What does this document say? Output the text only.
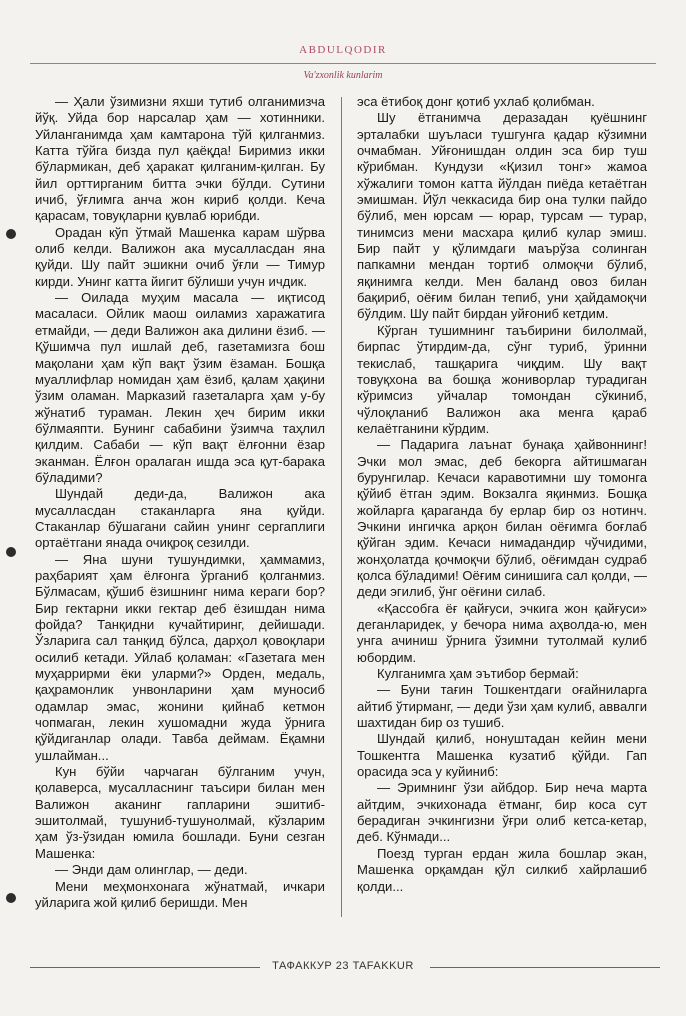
ABDULQODIR
Va'zxonlik kunlarim

— Ҳали ўзимизни яхши тутиб олганимизча йўқ. Уйда бор нарсалар ҳам — хотинники. Уйланганимда ҳам камтарона тўй қилганмиз. Катта тўйга бизда пул қаёқда! Биримиз икки бўлармикан, деб ҳаракат қилганим-қилган. Бу йил орттирганим битта эчки бўлди. Сутини ичиб, ўғлимга анча жон кириб қолди. Кеча қарасам, товуқларни қувлаб юрибди.

Орадан кўп ўтмай Машенка карам шўрва олиб келди. Валижон ака мусалласдан яна қуйди. Шу пайт эшикни очиб ўғли — Тимур кирди. Унинг катта йигит бўлиши учун ичдик.

— Оилада муҳим масала — иқтисод масаласи. Ойлик маош оиламиз харажатига етмайди, — деди Валижон ака дилини ёзиб. — Қўшимча пул ишлай деб, газетамизга бош мақолани ҳам кўп вақт ўзим ёзаман. Бошқа муаллифлар номидан ҳам ёзиб, қалам ҳақини ўзим оламан. Марказий газеталарга ҳам у-бу жўнатиб тураман. Лекин ҳеч бирим икки бўлмаяпти. Бунинг сабабини ўзимча таҳлил қилдим. Сабаби — кўп вақт ёлғонни ёзар эканман. Ёлғон оралаган ишда эса қут-барака бўладими?

Шундай деди-да, Валижон ака мусалласдан стаканларга яна қуйди. Стаканлар бўшагани сайин унинг сергаплиги ортаётгани янада очиқроқ сезилди.

— Яна шуни тушундимки, ҳаммамиз, раҳбарият ҳам ёлғонга ўрганиб қолганмиз. Бўлмасам, қўшиб ёзишнинг нима кераги бор? Бир гектарни икки гектар деб ёзишдан нима фойда? Танқидни кучайтиринг, дейишади. Ўзларига сал танқид бўлса, дарҳол қовоқлари осилиб кетади. Уйлаб қоламан: «Газетага мен муҳаррирми ёки уларми?» Орден, медаль, қаҳрамонлик унвонларини ҳам муносиб одамлар эмас, жонини қийнаб кетмон чопмаган, лекин хушомадни жуда ўрнига қўйдиганлар олади. Тавба деймам. Ёқамни ушлайман...

Кун бўйи чарчаган бўлганим учун, қолаверса, мусалласнинг таъсири билан мен Валижон аканинг гапларини эшитиб-эшитолмай, тушуниб-тушунолмай, кўзларим ҳам ўз-ўзидан юмила бошлади. Буни сезган Машенка:

— Энди дам олинглар, — деди.

Мени меҳмонхонага жўнатмай, ичкари уйларига жой қилиб беришди. Мен

эса ётибоқ донг қотиб ухлаб қолибман.

Шу ётганимча деразадан қуёшнинг эрталабки шуъласи тушгунга қадар кўзимни очмабман. Уйғонишдан олдин эса бир туш кўрибман. Кундузи «Қизил тонг» жамоа хўжалиги томон катта йўлдан пиёда кетаётган эмишман. Йўл чеккасида бир она тулки пайдо бўлиб, мен юрсам — юрар, турсам — турар, тинимсиз мени масхара қилиб кулар эмиш. Бир пайт у қўлимдаги маърўза солинган папкамни мендан тортиб олмоқчи бўлиб, яқинимга келди. Мен баланд овоз билан бақириб, оёғим билан тепиб, уни ҳайдамоқчи бўлдим. Шу пайт бирдан уйғониб кетдим.

Кўрган тушимнинг таъбирини билолмай, бирпас ўтирдим-да, сўнг туриб, ўринни текислаб, ташқарига чиқдим. Шу вақт товуқхона ва бошқа жониворлар турадиган кўримсиз уйчалар томондан сўкиниб, чўлоқланиб Валижон ака менга қараб келаётганини кўрдим.

— Падарига лаънат бунақа ҳайвоннинг! Эчки мол эмас, деб бекорга айтишмаган бурунгилар. Кечаси каравотимни шу томонга қўйиб ётган эдим. Вокзалга яқинмиз. Бошқа жойларга қараганда бу ерлар бир оз нотинч. Эчкини ингичка арқон билан оёғимга боғлаб қўйган эдим. Кечаси нимадандир чўчидими, жонҳолатда қочмоқчи бўлиб, оёғимдан судраб қолса бўладими! Оёғим синишига сал қолди, — деди эгилиб, ўнг оёғини силаб.

«Қассобга ёғ қайғуси, эчкига жон қайғуси» деганларидек, у бечора нима аҳволда-ю, мен унга ачиниш ўрнига ўзимни тутолмай кулиб юбордим.

Кулганимга ҳам эътибор бермай:

— Буни тағин Тошкентдаги оғайниларга айтиб ўтирманг, — деди ўзи ҳам кулиб, аввалги шахтидан бир оз тушиб.

Шундай қилиб, нонуштадан кейин мени Тошкентга Машенка кузатиб қўйди. Гап орасида эса у куйиниб:

— Эримнинг ўзи айбдор. Бир неча марта айтдим, эчкихонада ётманг, бир коса сут берадиган эчкингизни ўғри олиб кетса-кетар, деб. Кўнмади...

Поезд турган ердан жила бошлар экан, Машенка орқамдан қўл силкиб хайрлашиб қолди...

ТАФАККУР 23 TAFAKKUR
